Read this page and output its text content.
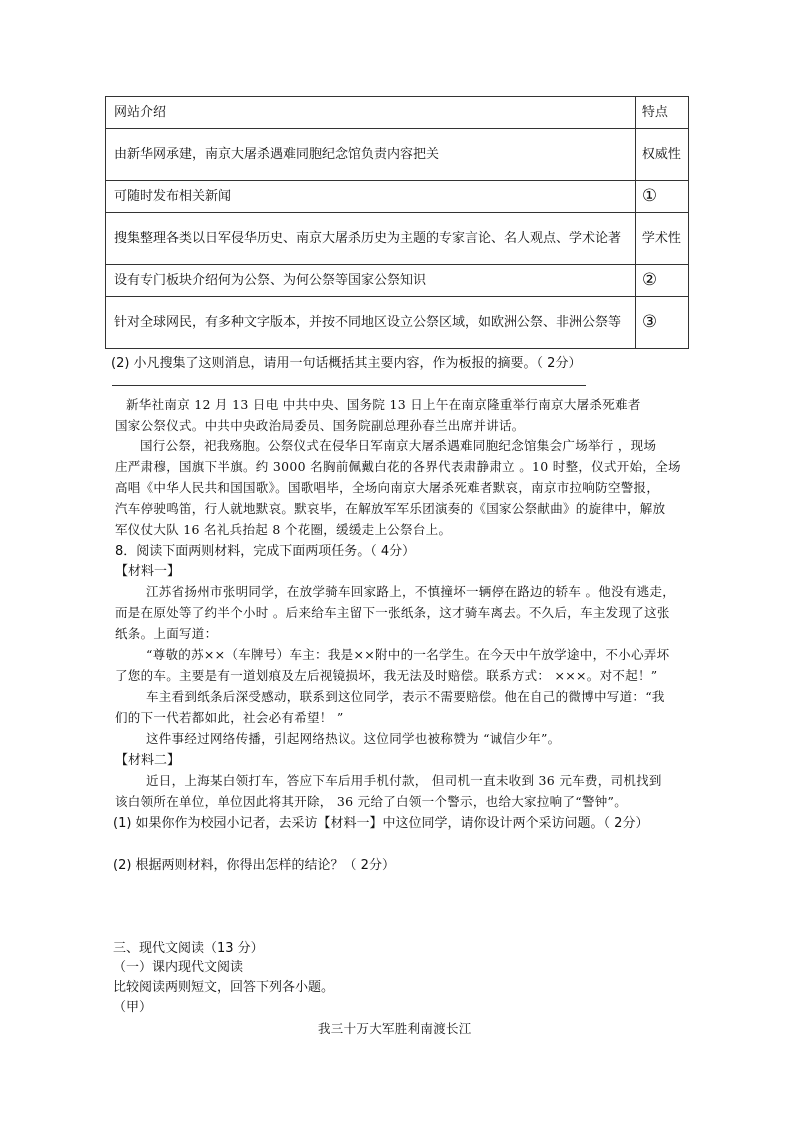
网站介绍	特点
由新华网承建，南京大屠杀遇难同胞纪念馆负责内容把关	权威性
可随时发布相关新闻	①
搜集整理各类以日军侵华历史、南京大屠杀历史为主题的专家言论、名人观点、学术论著	学术性
设有专门板块介绍何为公祭、为何公祭等国家公祭知识	②
针对全球网民，有多种文字版本，并按不同地区设立公祭区域，如欧洲公祭、非洲公祭等	③
(2) 小凡搜集了这则消息，请用一句话概括其主要内容，作为板报的摘要。（ 2分）
新华社南京 12 月 13 日电 中共中央、国务院 13 日上午在南京隆重举行南京大屠杀死难者
国家公祭仪式。中共中央政治局委员、国务院副总理孙春兰出席并讲话。
国行公祭，祀我殇胞。公祭仪式在侵华日军南京大屠杀遇难同胞纪念馆集会广场举行 ，现场
庄严肃穆，国旗下半旗。约 3000 名胸前佩戴白花的各界代表肃静肃立 。10 时整，仪式开始，全场
高唱《中华人民共和国国歌》。国歌唱毕，全场向南京大屠杀死难者默哀，南京市拉响防空警报，
汽车停驶鸣笛，行人就地默哀。默哀毕，在解放军军乐团演奏的《国家公祭献曲》的旋律中，解放
军仪仗大队 16 名礼兵抬起 8 个花圈，缓缓走上公祭台上。
8．阅读下面两则材料，完成下面两项任务。（ 4分）
【材料一】
江苏省扬州市张明同学，在放学骑车回家路上，不慎撞坏一辆停在路边的轿车 。他没有逃走，
而是在原处等了约半个小时 。后来给车主留下一张纸条，这才骑车离去。不久后，车主发现了这张
纸条。上面写道：
“尊敬的苏××（车牌号）车主：我是××附中的一名学生。在今天中午放学途中，不小心弄坏
了您的车。主要是有一道划痕及左后视镜损坏，我无法及时赔偿。联系方式： ×××。对不起！”
车主看到纸条后深受感动，联系到这位同学，表示不需要赔偿。他在自己的微博中写道：“我
们的下一代若都如此，社会必有希望！ ”
这件事经过网络传播，引起网络热议。这位同学也被称赞为 “诚信少年”。
【材料二】
近日，上海某白领打车，答应下车后用手机付款， 但司机一直未收到 36 元车费，司机找到
该白领所在单位，单位因此将其开除， 36 元给了白领一个警示，也给大家拉响了“警钟”。
(1) 如果你作为校园小记者，去采访【材料一】中这位同学，请你设计两个采访问题。（ 2分）
(2) 根据两则材料，你得出怎样的结论？（ 2分）
三、现代文阅读（13 分）
（一）课内现代文阅读
比较阅读两则短文，回答下列各小题。
（甲）
我三十万大军胜利南渡长江
